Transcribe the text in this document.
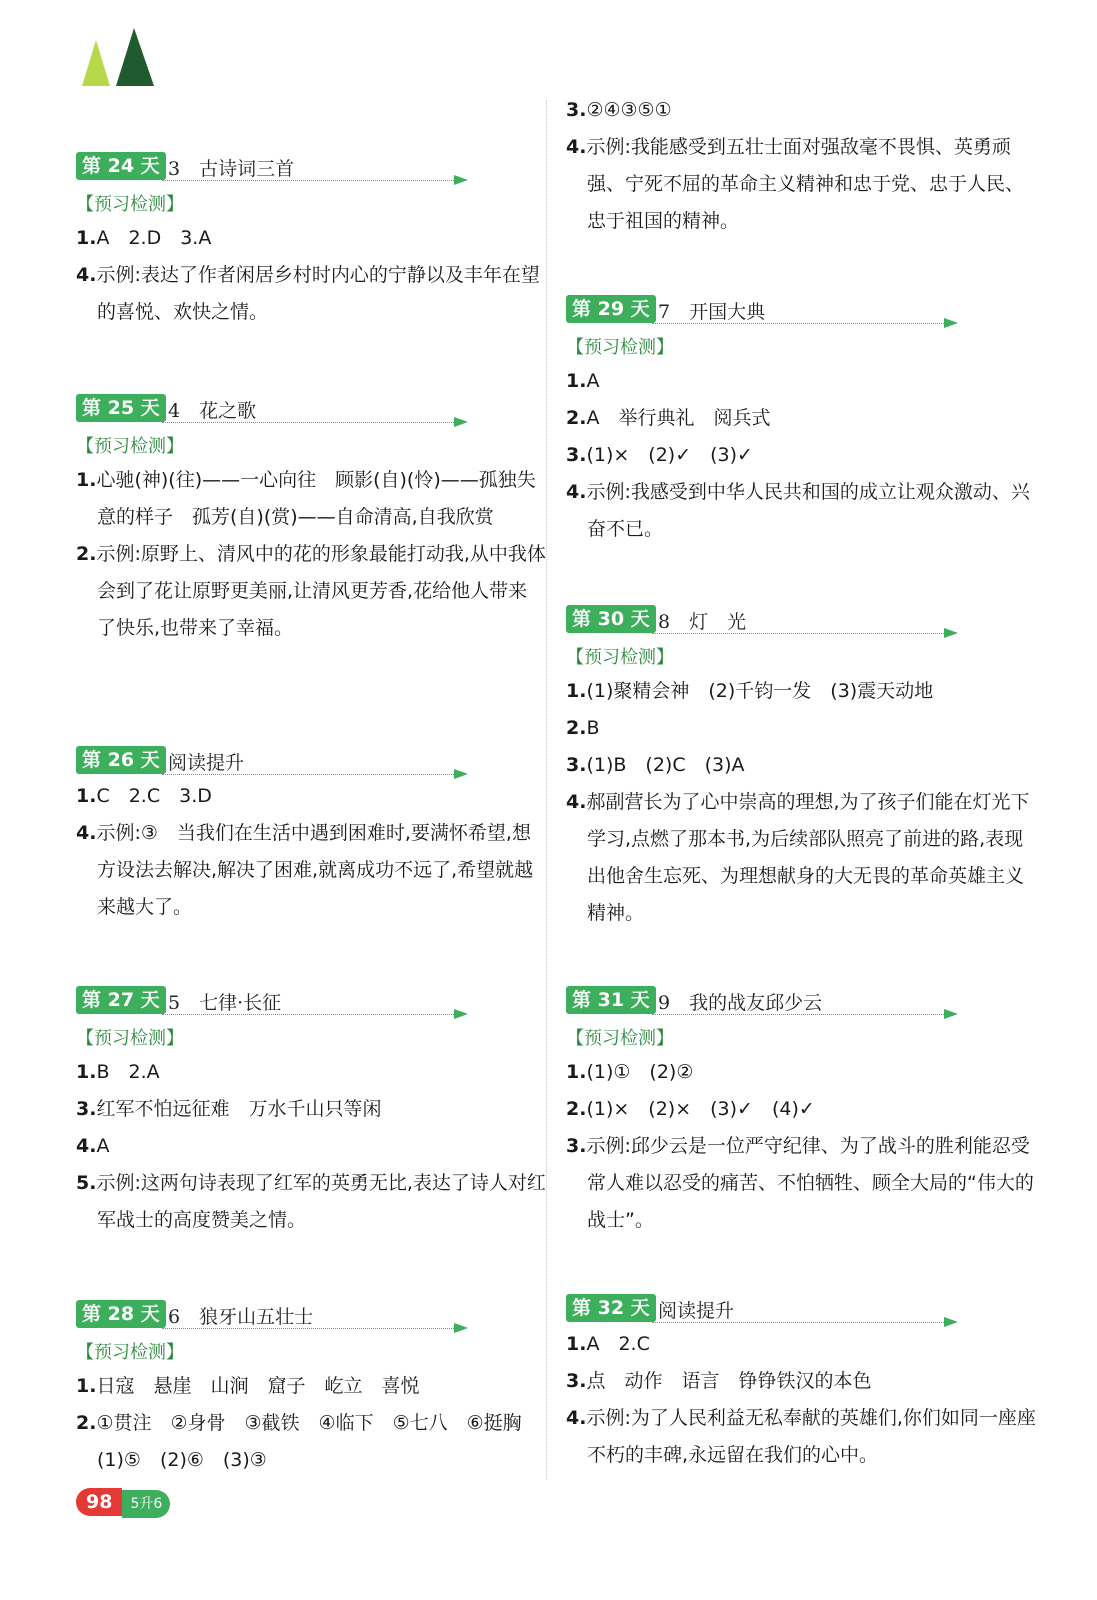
第 24 天 3　古诗词三首
【预习检测】
1.A　2.D　3.A
4.示例:表达了作者闲居乡村时内心的宁静以及丰年在望的喜悦、欢快之情。
第 25 天 4　花之歌
【预习检测】
1.心驰(神)(往)——一心向往　顾影(自)(怜)——孤独失意的样子　孤芳(自)(赏)——自命清高,自我欣赏
2.示例:原野上、清风中的花的形象最能打动我,从中我体会到了花让原野更美丽,让清风更芳香,花给他人带来了快乐,也带来了幸福。
第 26 天 阅读提升
1.C　2.C　3.D
4.示例:③　当我们在生活中遇到困难时,要满怀希望,想方设法去解决,解决了困难,就离成功不远了,希望就越来越大了。
第 27 天 5　七律·长征
【预习检测】
1.B　2.A
3.红军不怕远征难　万水千山只等闲
4.A
5.示例:这两句诗表现了红军的英勇无比,表达了诗人对红军战士的高度赞美之情。
第 28 天 6　狼牙山五壮士
【预习检测】
1.日寇　悬崖　山涧　窟子　屹立　喜悦
2.①贯注　②身骨　③截铁　④临下　⑤七八　⑥挺胸　(1)⑤　(2)⑥　(3)③
3.②④③⑤①
4.示例:我能感受到五壮士面对强敌毫不畏惧、英勇顽强、宁死不屈的革命主义精神和忠于党、忠于人民、忠于祖国的精神。
第 29 天 7　开国大典
【预习检测】
1.A
2.A　举行典礼　阅兵式
3.(1)×　(2)✓　(3)✓
4.示例:我感受到中华人民共和国的成立让观众激动、兴奋不已。
第 30 天 8　灯　光
【预习检测】
1.(1)聚精会神　(2)千钧一发　(3)震天动地
2.B
3.(1)B　(2)C　(3)A
4.郝副营长为了心中崇高的理想,为了孩子们能在灯光下学习,点燃了那本书,为后续部队照亮了前进的路,表现出他舍生忘死、为理想献身的大无畏的革命英雄主义精神。
第 31 天 9　我的战友邱少云
【预习检测】
1.(1)①　(2)②
2.(1)×　(2)×　(3)✓　(4)✓
3.示例:邱少云是一位严守纪律、为了战斗的胜利能忍受常人难以忍受的痛苦、不怕牺牲、顾全大局的“伟大的战士”。
第 32 天 阅读提升
1.A　2.C
3.点　动作　语言　铮铮铁汉的本色
4.示例:为了人民利益无私奉献的英雄们,你们如同一座座不朽的丰碑,永远留在我们的心中。
98 5升6
